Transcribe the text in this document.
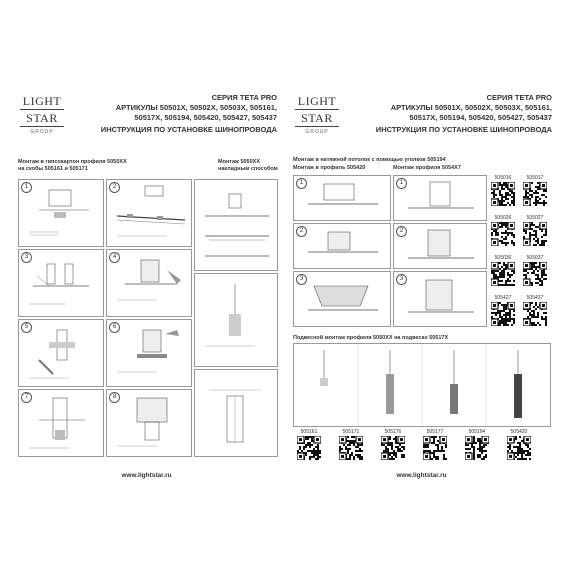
LIGHT
STAR
GROUP
СЕРИЯ TETA PRO
АРТИКУЛЫ 50501X, 50502X, 50503X, 505161,
50517X, 505194, 505420, 505427, 505437
ИНСТРУКЦИЯ ПО УСТАНОВКЕ ШИНОПРОВОДА
Монтаж в гипсокартон профиля 5050XX
на скобы 505161 и 505171
Монтаж 5050XX
накладным способом
1	2
3	4
5	6
7	8
www.lightstar.ru
LIGHT
STAR
GROUP
СЕРИЯ TETA PRO
АРТИКУЛЫ 50501X, 50502X, 50503X, 505161,
50517X, 505194, 505420, 505427, 505437
ИНСТРУКЦИЯ ПО УСТАНОВКЕ ШИНОПРОВОДА
Монтаж в натяжной потолок с помощью уголков 505194
Монтаж в профиль 505420	Монтаж профиля 5054X7
1	1
2	2
3	3
505016	505017
505026	505027
505036	505037
505427	505437
Подвесной монтаж профиля 5050XX на подвесах 50517X
505161	505171	505176	505177	505194	505420
www.lightstar.ru
